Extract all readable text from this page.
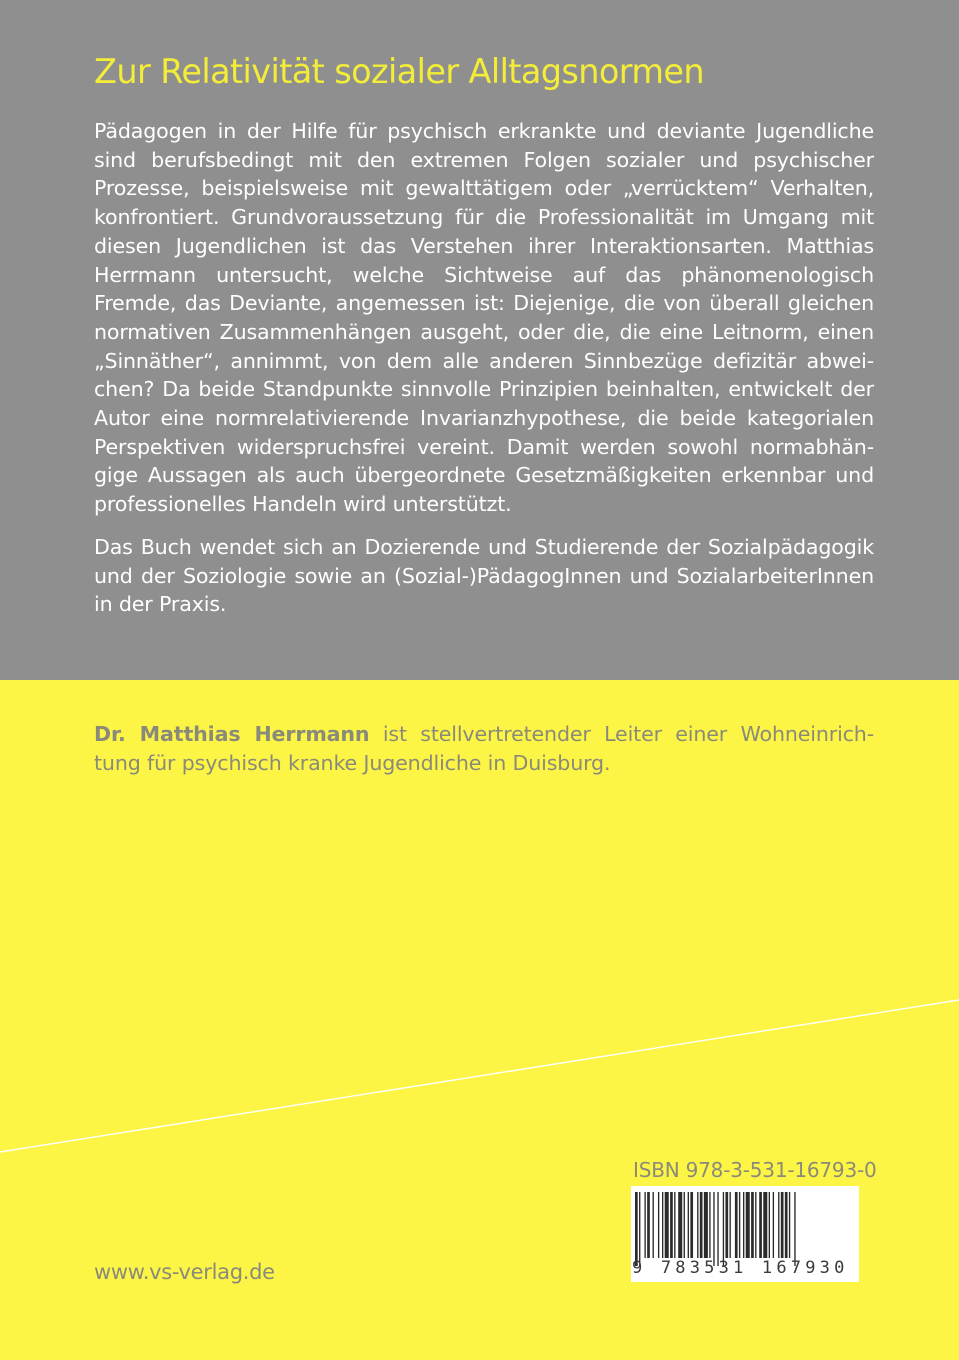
Zur Relativität sozialer Alltagsnormen
Pädagogen in der Hilfe für psychisch erkrankte und deviante Jugendliche
sind berufsbedingt mit den extremen Folgen sozialer und psychischer
Prozesse, beispielsweise mit gewalttätigem oder „verrücktem“ Verhalten,
konfrontiert. Grundvoraussetzung für die Professionalität im Umgang mit
diesen Jugendlichen ist das Verstehen ihrer Interaktionsarten. Matthias
Herrmann untersucht, welche Sichtweise auf das phänomenologisch
Fremde, das Deviante, angemessen ist: Diejenige, die von überall gleichen
normativen Zusammenhängen ausgeht, oder die, die eine Leitnorm, einen
„Sinnäther“, annimmt, von dem alle anderen Sinnbezüge defizitär abwei-
chen? Da beide Standpunkte sinnvolle Prinzipien beinhalten, entwickelt der
Autor eine normrelativierende Invarianzhypothese, die beide kategorialen
Perspektiven widerspruchsfrei vereint. Damit werden sowohl normabhän-
gige Aussagen als auch übergeordnete Gesetzmäßigkeiten erkennbar und
professionelles Handeln wird unterstützt.
Das Buch wendet sich an Dozierende und Studierende der Sozialpädagogik
und der Soziologie sowie an (Sozial-)PädagogInnen und SozialarbeiterInnen
in der Praxis.
Dr. Matthias Herrmann ist stellvertretender Leiter einer Wohneinrich-
tung für psychisch kranke Jugendliche in Duisburg.
ISBN 978-3-531-16793-0
9 783531 167930
www.vs-verlag.de
